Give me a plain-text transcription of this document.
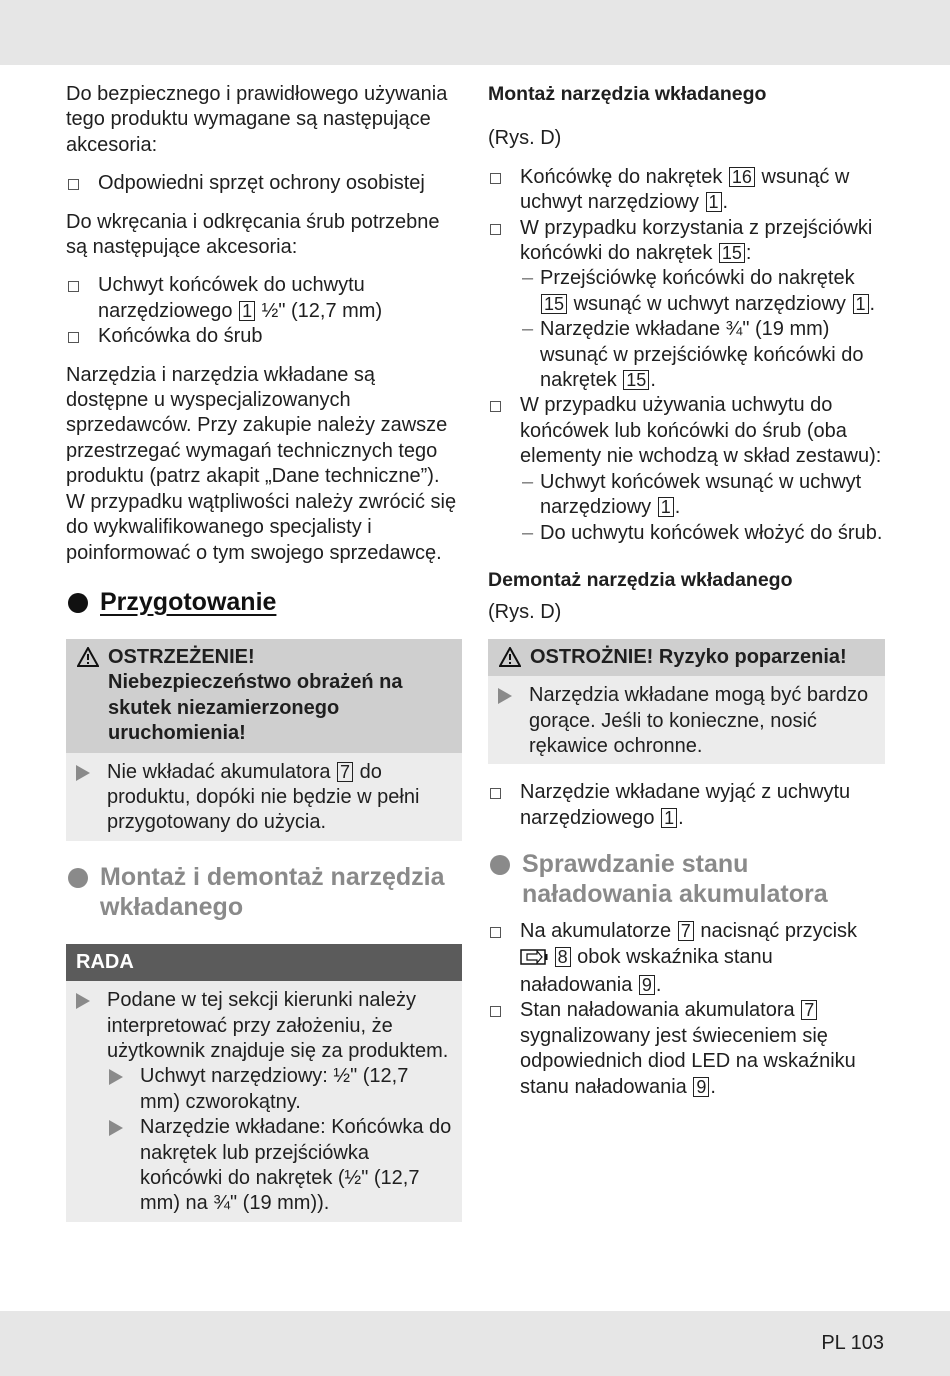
Do bezpiecznego i prawidłowego używania tego produktu wymagane są następujące akcesoria:

Odpowiedni sprzęt ochrony osobistej

Do wkręcania i odkręcania śrub potrzebne są następujące akcesoria:

Uchwyt końcówek do uchwytu narzędziowego 1 ½" (12,7 mm)
Końcówka do śrub

Narzędzia i narzędzia wkładane są dostępne u wyspecjalizowanych sprzedawców. Przy zakupie należy zawsze przestrzegać wymagań technicznych tego produktu (patrz akapit „Dane techniczne”). W przypadku wątpliwości należy zwrócić się do wykwalifikowanego specjalisty i poinformować o tym swojego sprzedawcę.

Przygotowanie
OSTRZEŻENIE!
Niebezpieczeństwo obrażeń na skutek niezamierzonego uruchomienia!
Nie wkładać akumulatora 7 do produktu, dopóki nie będzie w pełni przygotowany do użycia.
Montaż i demontaż narzędzia wkładanego
RADA
Podane w tej sekcji kierunki należy interpretować przy założeniu, że użytkownik znajduje się za produktem.
Uchwyt narzędziowy: ½" (12,7 mm) czworokątny.
Narzędzie wkładane: Końcówka do nakrętek lub przejściówka końcówki do nakrętek (½" (12,7 mm) na ¾" (19 mm)).

Montaż narzędzia wkładanego

(Rys. D)

Końcówkę do nakrętek 16 wsunąć w uchwyt narzędziowy 1 .
W przypadku korzystania z przejściówki końcówki do nakrętek 15 :
– Przejściówkę końcówki do nakrętek 15 wsunąć w uchwyt narzędziowy 1 .
– Narzędzie wkładane ¾" (19 mm) wsunąć w przejściówkę końcówki do nakrętek 15 .
W przypadku używania uchwytu do końcówek lub końcówki do śrub (oba elementy nie wchodzą w skład zestawu):
– Uchwyt końcówek wsunąć w uchwyt narzędziowy 1 .
– Do uchwytu końcówek włożyć do śrub.

Demontaż narzędzia wkładanego

(Rys. D)

OSTROŻNIE! Ryzyko poparzenia!
Narzędzia wkładane mogą być bardzo gorące. Jeśli to konieczne, nosić rękawice ochronne.
Narzędzie wkładane wyjąć z uchwytu narzędziowego 1 .
Sprawdzanie stanu naładowania akumulatora
Na akumulatorze 7 nacisnąć przycisk  8 obok wskaźnika stanu naładowania 9 .
Stan naładowania akumulatora 7 sygnalizowany jest świeceniem się odpowiednich diod LED na wskaźniku stanu naładowania 9 .
PL 103
